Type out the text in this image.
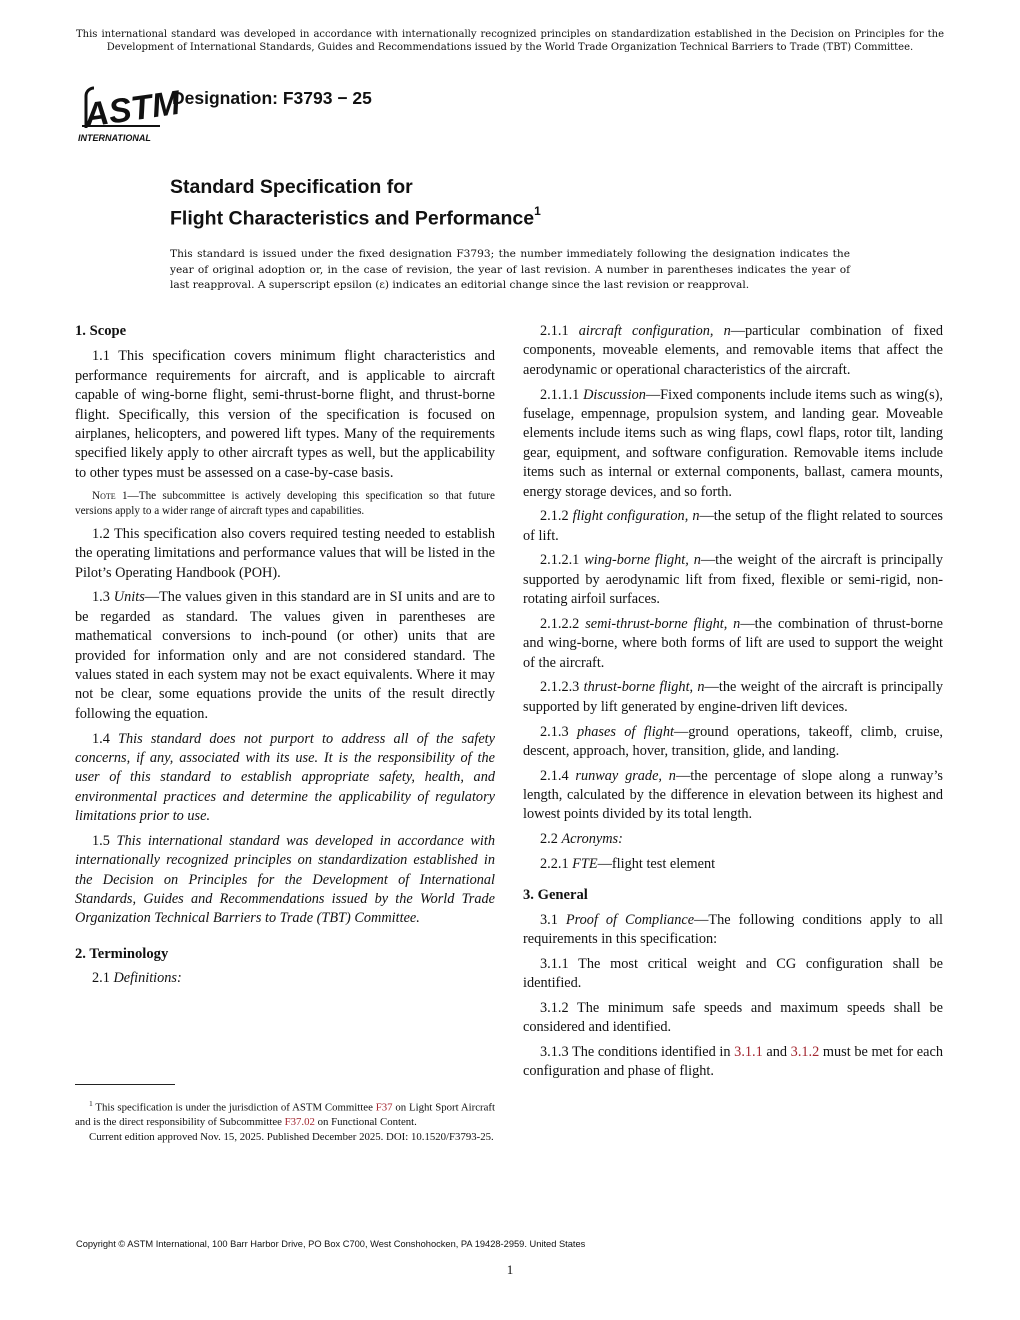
This international standard was developed in accordance with internationally recognized principles on standardization established in the Decision on Principles for the Development of International Standards, Guides and Recommendations issued by the World Trade Organization Technical Barriers to Trade (TBT) Committee.
ASTM
INTERNATIONAL
Designation: F3793 − 25
Standard Specification for
Flight Characteristics and Performance$^1$
This standard is issued under the fixed designation F3793; the number immediately following the designation indicates the year of original adoption or, in the case of revision, the year of last revision. A number in parentheses indicates the year of last reapproval. A superscript epsilon (ε) indicates an editorial change since the last revision or reapproval.
1. Scope

1.1 This specification covers minimum flight characteristics and performance requirements for aircraft, and is applicable to aircraft capable of wing-borne flight, semi-thrust-borne flight, and thrust-borne flight. Specifically, this version of the specification is focused on airplanes, helicopters, and powered lift types. Many of the requirements specified likely apply to other aircraft types as well, but the applicability to other types must be assessed on a case-by-case basis.

Note 1—The subcommittee is actively developing this specification so that future versions apply to a wider range of aircraft types and capabilities.

1.2 This specification also covers required testing needed to establish the operating limitations and performance values that will be listed in the Pilot’s Operating Handbook (POH).

1.3 Units—The values given in this standard are in SI units and are to be regarded as standard. The values given in parentheses are mathematical conversions to inch-pound (or other) units that are provided for information only and are not considered standard. The values stated in each system may not be exact equivalents. Where it may not be clear, some equations provide the units of the result directly following the equation.

1.4 This standard does not purport to address all of the safety concerns, if any, associated with its use. It is the responsibility of the user of this standard to establish appropriate safety, health, and environmental practices and determine the applicability of regulatory limitations prior to use.

1.5 This international standard was developed in accordance with internationally recognized principles on standardization established in the Decision on Principles for the Development of International Standards, Guides and Recommendations issued by the World Trade Organization Technical Barriers to Trade (TBT) Committee.

2. Terminology

2.1 Definitions:

2.1.1 aircraft configuration, n—particular combination of fixed components, moveable elements, and removable items that affect the aerodynamic or operational characteristics of the aircraft.

2.1.1.1 Discussion—Fixed components include items such as wing(s), fuselage, empennage, propulsion system, and landing gear. Moveable elements include items such as wing flaps, cowl flaps, rotor tilt, landing gear, equipment, and software configuration. Removable items include items such as internal or external components, ballast, camera mounts, energy storage devices, and so forth.

2.1.2 flight configuration, n—the setup of the flight related to sources of lift.

2.1.2.1 wing-borne flight, n—the weight of the aircraft is principally supported by aerodynamic lift from fixed, flexible or semi-rigid, non-rotating airfoil surfaces.

2.1.2.2 semi-thrust-borne flight, n—the combination of thrust-borne and wing-borne, where both forms of lift are used to support the weight of the aircraft.

2.1.2.3 thrust-borne flight, n—the weight of the aircraft is principally supported by lift generated by engine-driven lift devices.

2.1.3 phases of flight—ground operations, takeoff, climb, cruise, descent, approach, hover, transition, glide, and landing.

2.1.4 runway grade, n—the percentage of slope along a runway’s length, calculated by the difference in elevation between its highest and lowest points divided by its total length.

2.2 Acronyms:

2.2.1 FTE—flight test element

3. General

3.1 Proof of Compliance—The following conditions apply to all requirements in this specification:

3.1.1 The most critical weight and CG configuration shall be identified.

3.1.2 The minimum safe speeds and maximum speeds shall be considered and identified.

3.1.3 The conditions identified in 3.1.1 and 3.1.2 must be met for each configuration and phase of flight.

$^1$ This specification is under the jurisdiction of ASTM Committee F37 on Light Sport Aircraft and is the direct responsibility of Subcommittee F37.02 on Functional Content.

Current edition approved Nov. 15, 2025. Published December 2025. DOI: 10.1520/F3793-25.

Copyright © ASTM International, 100 Barr Harbor Drive, PO Box C700, West Conshohocken, PA 19428-2959. United States
1
